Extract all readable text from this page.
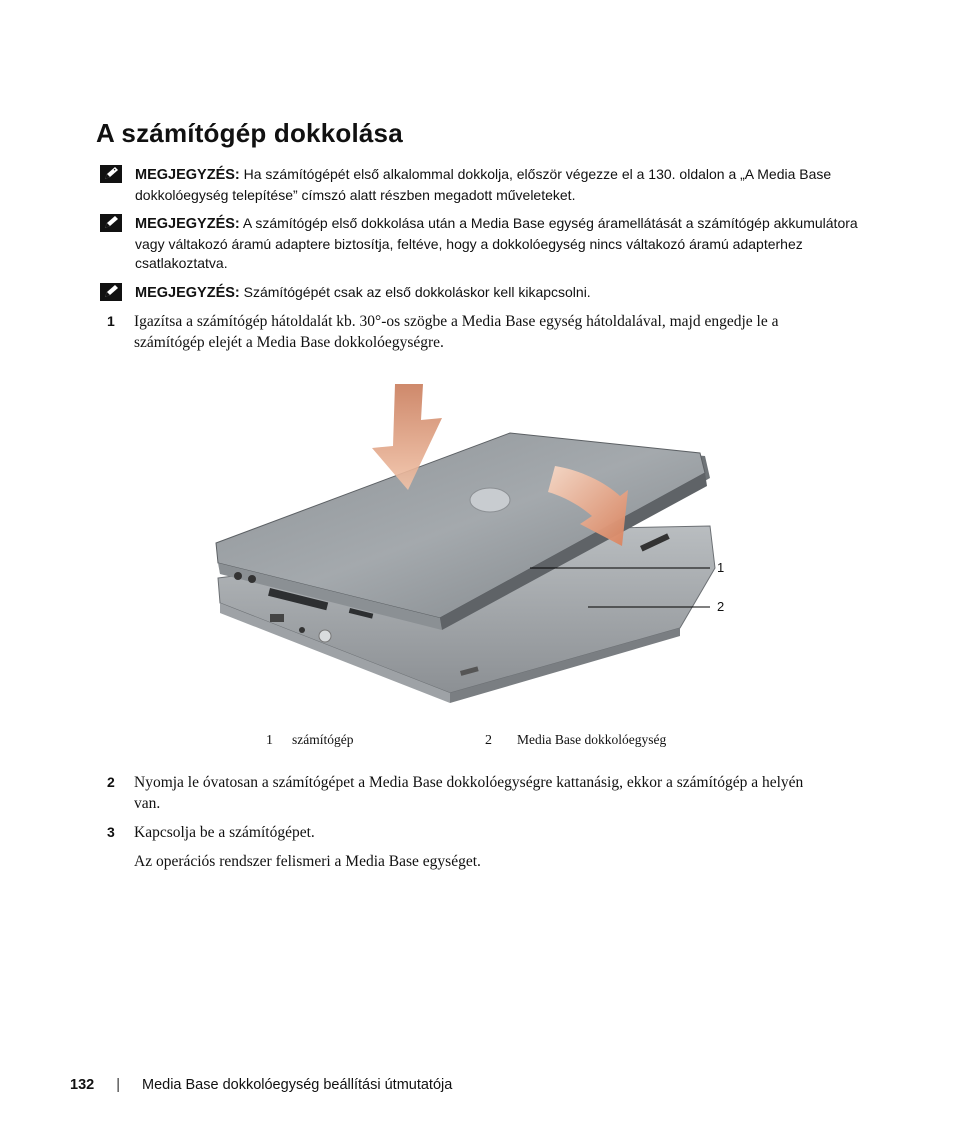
A számítógép dokkolása
MEGJEGYZÉS: Ha számítógépét első alkalommal dokkolja, először végezze el a 130. oldalon a „A Media Base dokkolóegység telepítése” címszó alatt részben megadott műveleteket.
MEGJEGYZÉS: A számítógép első dokkolása után a Media Base egység áramellátását a számítógép akkumulátora vagy váltakozó áramú adaptere biztosítja, feltéve, hogy a dokkolóegység nincs váltakozó áramú adapterhez csatlakoztatva.
MEGJEGYZÉS: Számítógépét csak az első dokkoláskor kell kikapcsolni.
1 Igazítsa a számítógép hátoldalát kb. 30°-os szögbe a Media Base egység hátoldalával, majd engedje le a számítógép elejét a Media Base dokkolóegységre.
1
2
1 számítógép	2 Media Base dokkolóegység
2 Nyomja le óvatosan a számítógépet a Media Base dokkolóegységre kattanásig, ekkor a számítógép a helyén van.
3 Kapcsolja be a számítógépet.
Az operációs rendszer felismeri a Media Base egységet.
132 | Media Base dokkolóegység beállítási útmutatója
